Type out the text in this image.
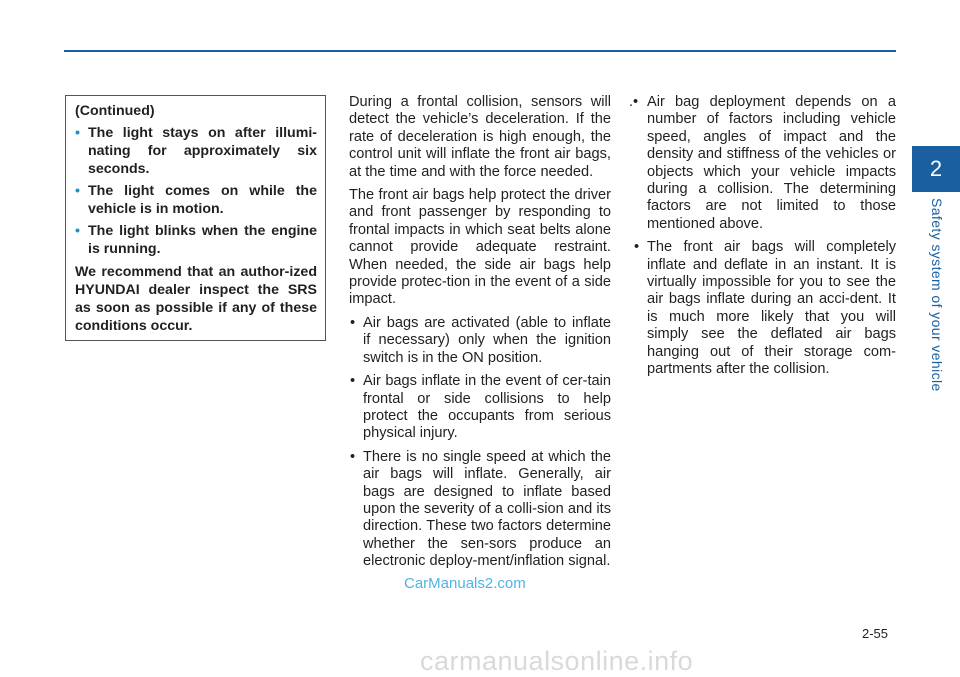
2
Safety system of your vehicle

(Continued)

• The light stays on after illumi-nating for approximately six seconds.
• The light comes on while the vehicle is in motion.
• The light blinks when the engine is running.

We recommend that an author-ized HYUNDAI dealer inspect the SRS as soon as possible if any of these conditions occur.

During a frontal collision, sensors will detect the vehicle’s deceleration. If the rate of deceleration is high enough, the control unit will inflate the front air bags, at the time and with the force needed.

The front air bags help protect the driver and front passenger by responding to frontal impacts in which seat belts alone cannot provide adequate restraint. When needed, the side air bags help provide protec-tion in the event of a side impact.

• Air bags are activated (able to inflate if necessary) only when the ignition switch is in the ON position.
• Air bags inflate in the event of cer-tain frontal or side collisions to help protect the occupants from serious physical injury.
• There is no single speed at which the air bags will inflate. Generally, air bags are designed to inflate based upon the severity of a colli-sion and its direction. These two factors determine whether the sen-sors produce an electronic deploy-ment/inflation signal.
.• Air bag deployment depends on a number of factors including vehicle speed, angles of impact and the density and stiffness of the vehicles or objects which your vehicle impacts during a collision. The determining factors are not limited to those mentioned above.
• The front air bags will completely inflate and deflate in an instant. It is virtually impossible for you to see the air bags inflate during an acci-dent. It is much more likely that you will simply see the deflated air bags hanging out of their storage com-partments after the collision.
CarManuals2.com
2-55
carmanualsonline.info
